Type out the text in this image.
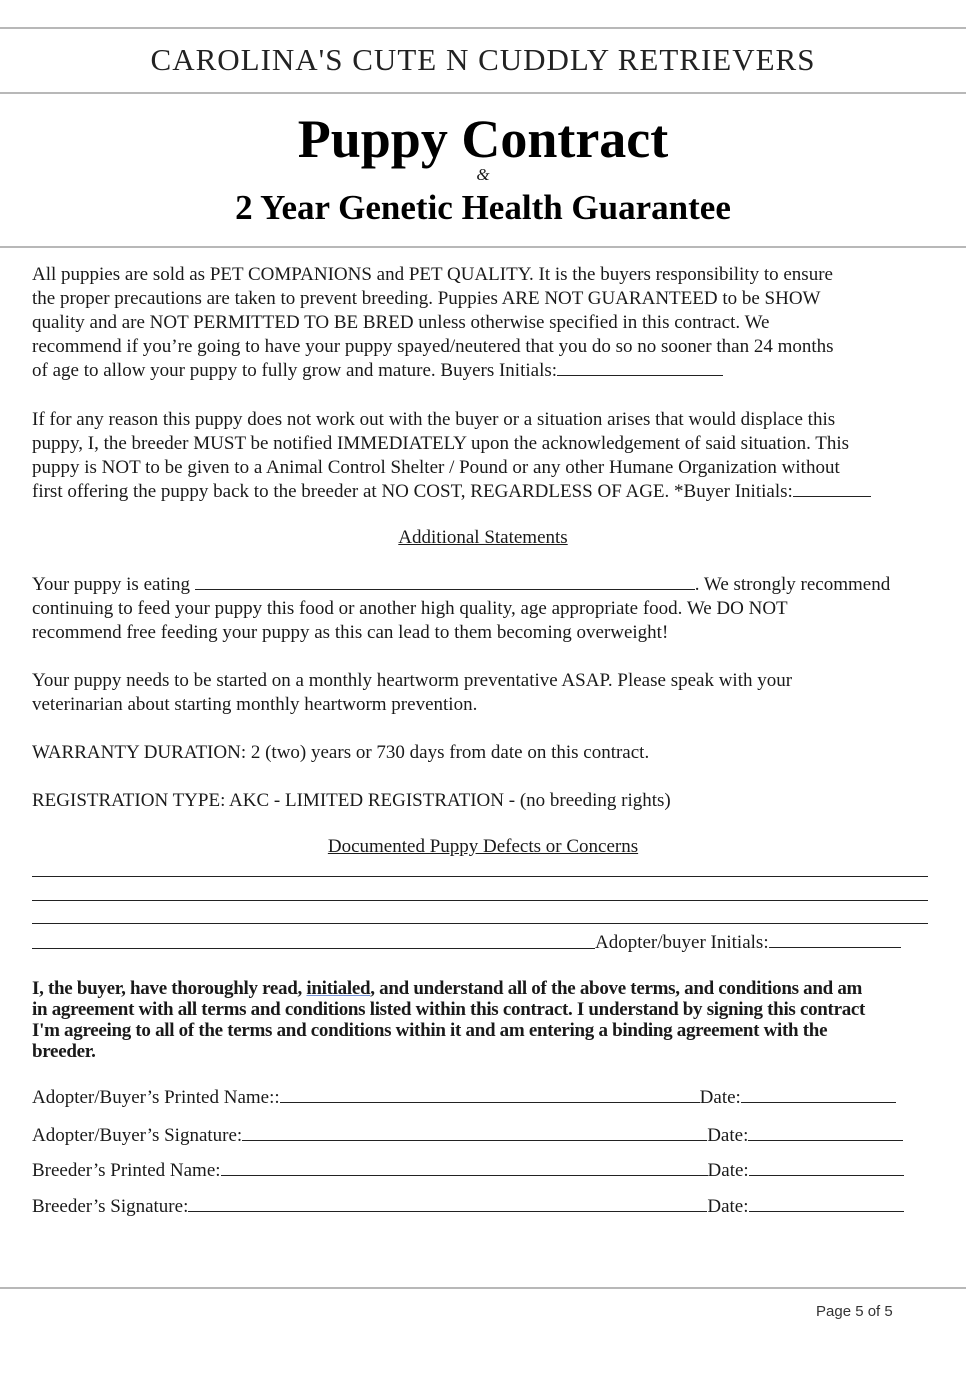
CAROLINA'S CUTE N CUDDLY RETRIEVERS
Puppy Contract
&
2 Year Genetic Health Guarantee
All puppies are sold as PET COMPANIONS and PET QUALITY. It is the buyers responsibility to ensure
the proper precautions are taken to prevent breeding. Puppies ARE NOT GUARANTEED to be SHOW
quality and are NOT PERMITTED TO BE BRED unless otherwise specified in this contract. We
recommend if you’re going to have your puppy spayed/neutered that you do so no sooner than 24 months
of age to allow your puppy to fully grow and mature. Buyers Initials:
If for any reason this puppy does not work out with the buyer or a situation arises that would displace this
puppy, I, the breeder MUST be notified IMMEDIATELY upon the acknowledgement of said situation. This
puppy is NOT to be given to a Animal Control Shelter / Pound or any other Humane Organization without
first offering the puppy back to the breeder at NO COST, REGARDLESS OF AGE. *Buyer Initials:
Additional Statements
Your puppy is eating	. We strongly recommend
continuing to feed your puppy this food or another high quality, age appropriate food. We DO NOT
recommend free feeding your puppy as this can lead to them becoming overweight!
Your puppy needs to be started on a monthly heartworm preventative ASAP. Please speak with your
veterinarian about starting monthly heartworm prevention.
WARRANTY DURATION: 2 (two) years or 730 days from date on this contract.
REGISTRATION TYPE: AKC - LIMITED REGISTRATION - (no breeding rights)
Documented Puppy Defects or Concerns
Adopter/buyer Initials:
I, the buyer, have thoroughly read, initialed, and understand all of the above terms, and conditions and am
in agreement with all terms and conditions listed within this contract. I understand by signing this contract
I'm agreeing to all of the terms and conditions within it and am entering a binding agreement with the
breeder.
Adopter/Buyer’s Printed Name::	Date:
Adopter/Buyer’s Signature:	Date:
Breeder’s Printed Name:	Date:
Breeder’s Signature:	Date:
Page 5 of 5
